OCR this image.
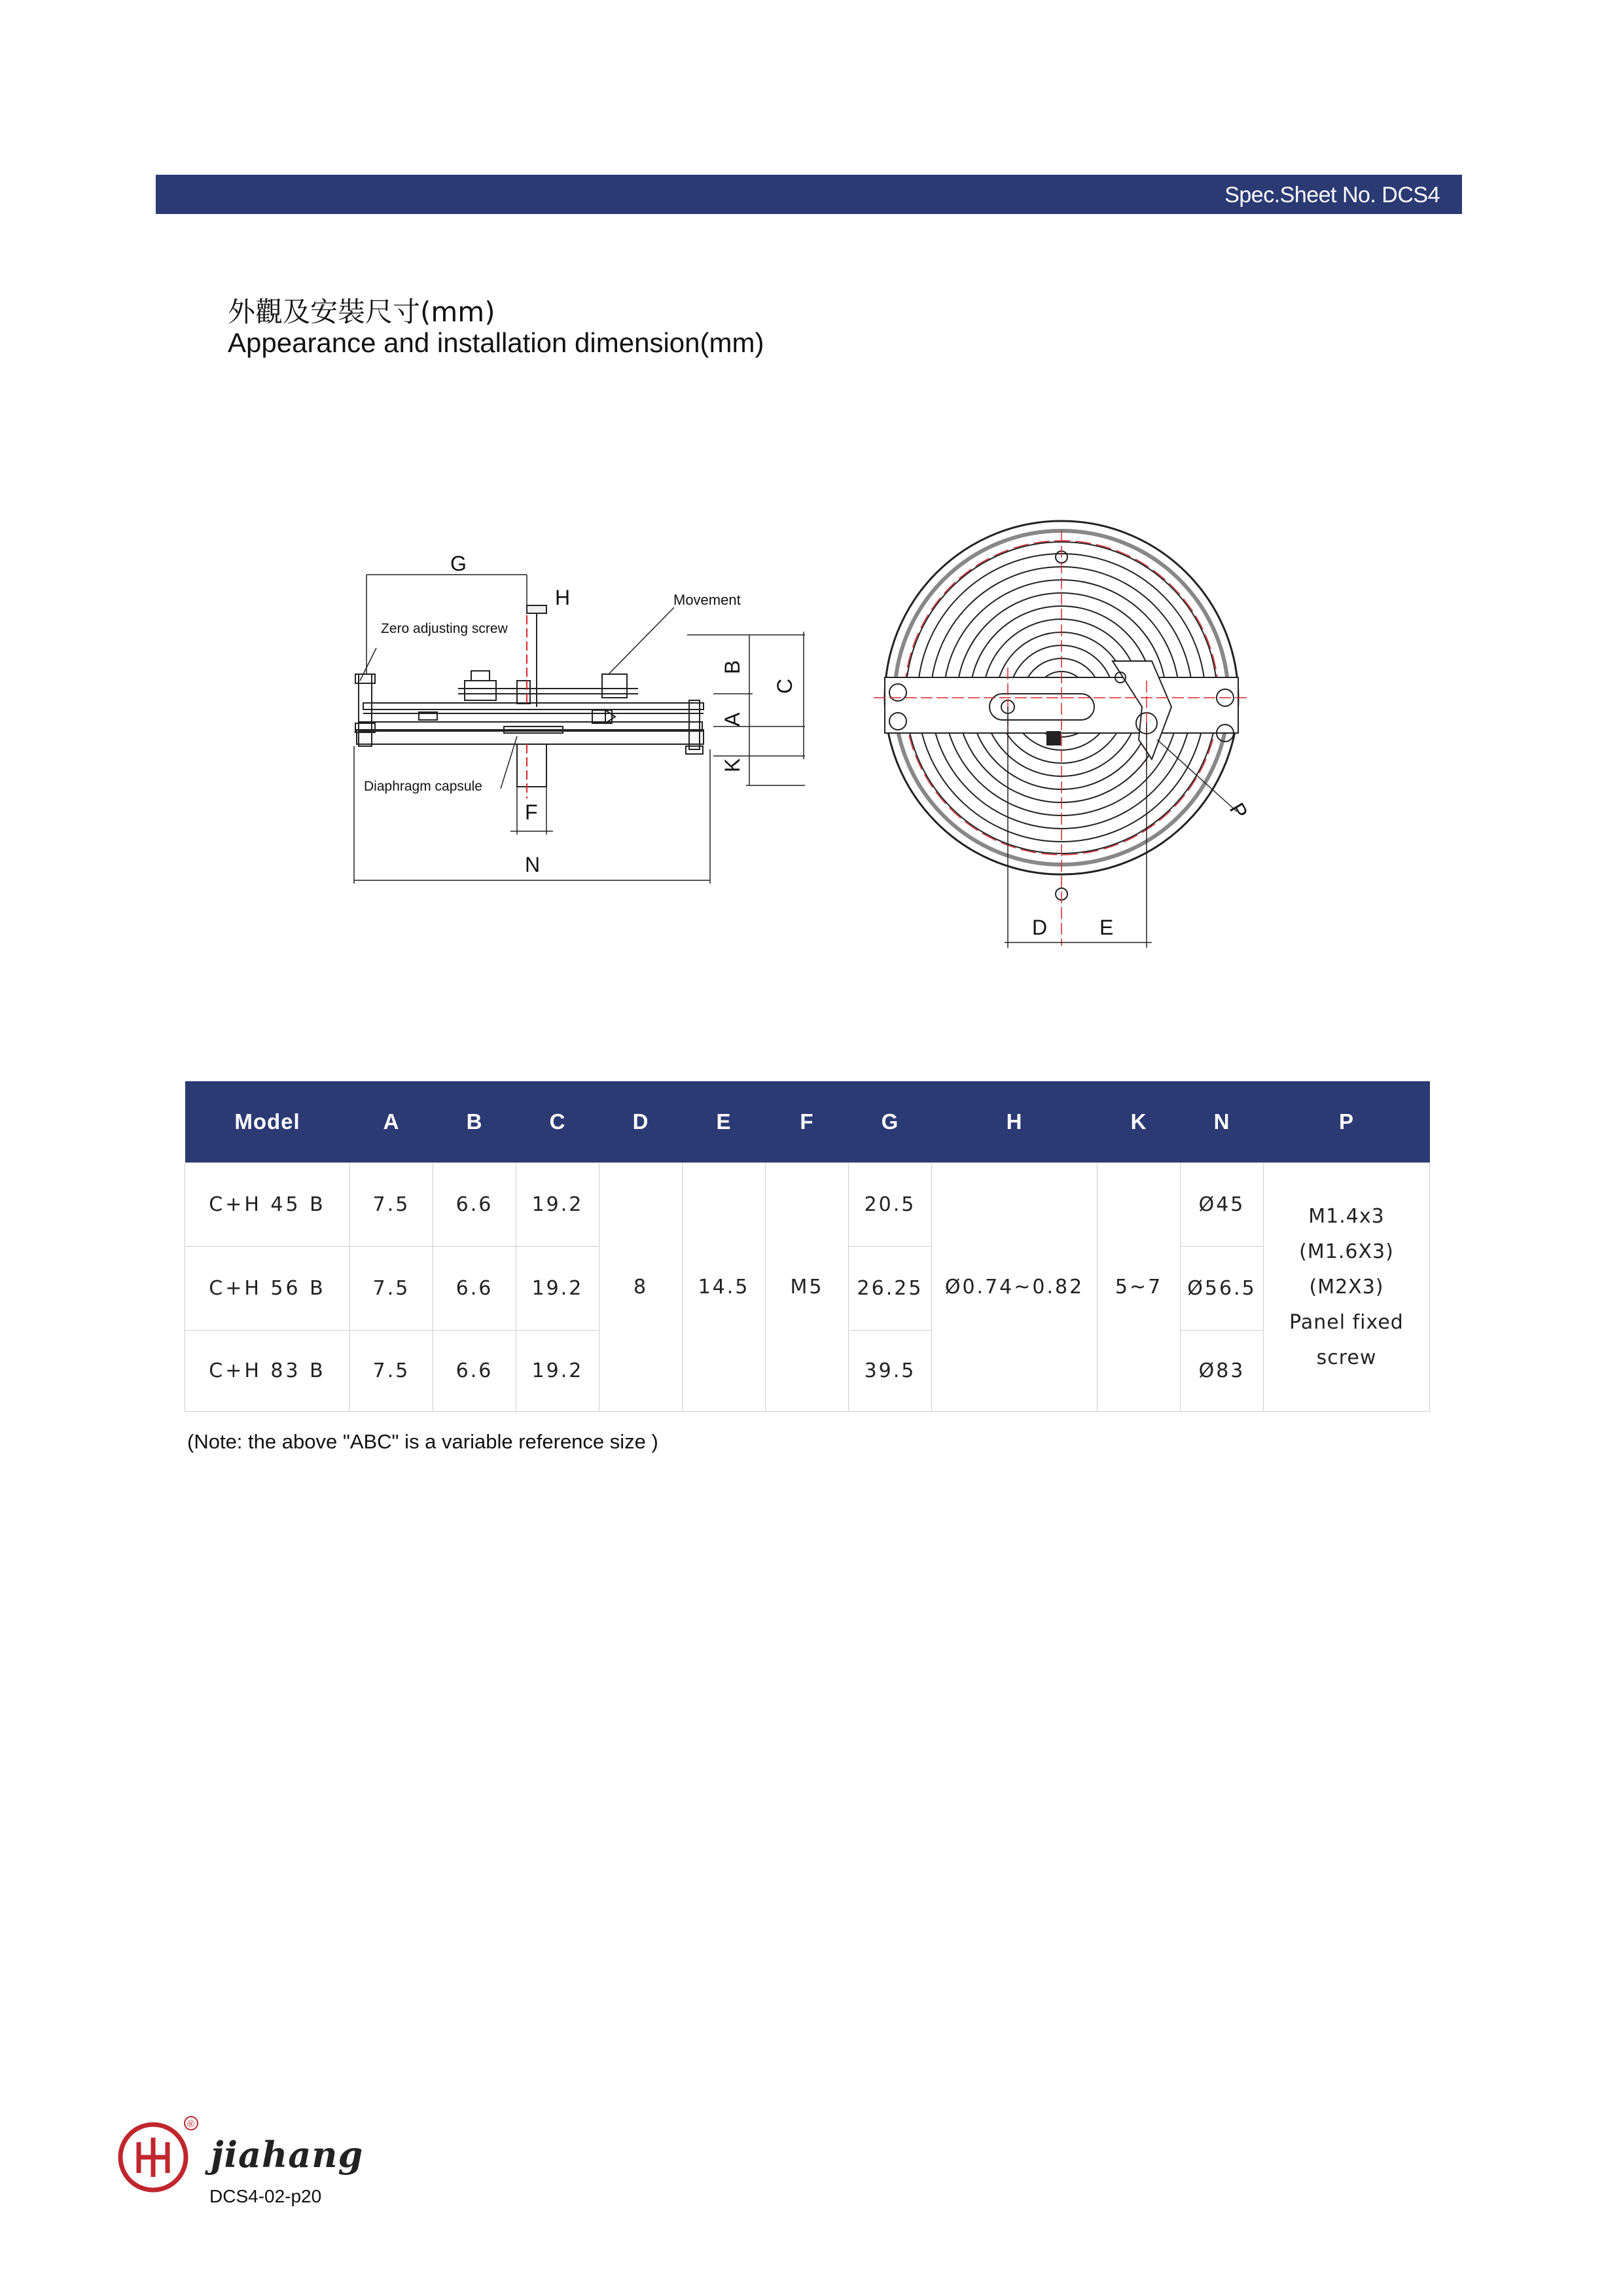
Spec.Sheet No. DCS4
外觀及安裝尺寸(mm)
Appearance and installation dimension(mm)
G
H	Movement
Zero adjusting screw
Diaphragm capsule
F
N
D E
B
A
K
C
P
Model	A	B	C	D	E	F	G	H	K	N	P
C+H 45 B	7.5	6.6	19.2	8	14.5	M5	20.5	Ø0.74~0.82	5~7	Ø45	M1.4x3
(M1.6X3)
(M2X3)
Panel fixed
screw

C+H 56 B	7.5	6.6	19.2				26.25			Ø56.5	
C+H 83 B	7.5	6.6	19.2				39.5			Ø83	
(Note: the above "ABC" is a variable reference size )
®
jiahang
DCS4-02-p20
